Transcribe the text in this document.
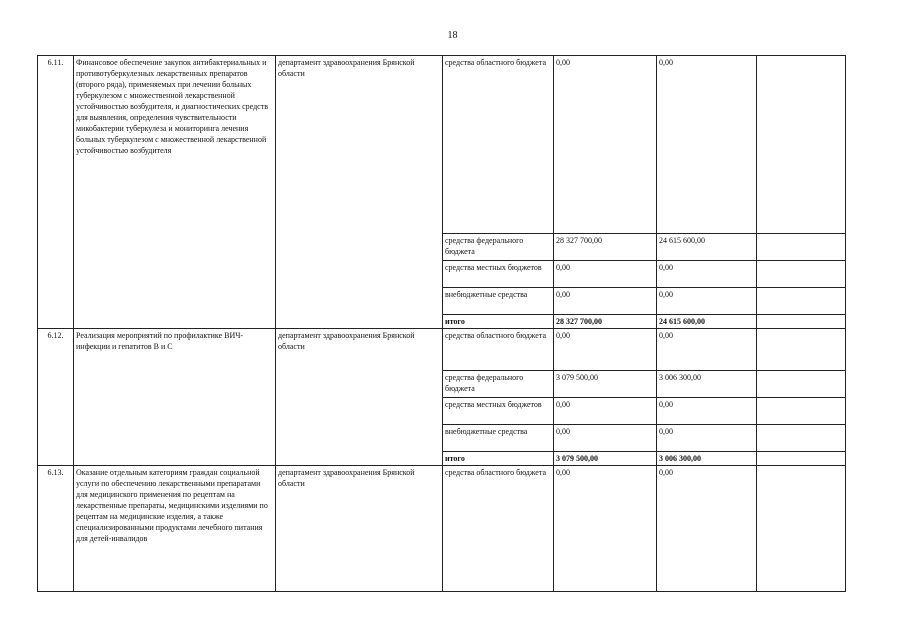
18
6.11.	Финансовое обеспечение закупок антибактериальных и противотуберкулезных лекарственных препаратов (второго ряда), применяемых при лечении больных туберкулезом с множественной лекарственной устойчивостью возбудителя, и диагностических средств для выявления, определения чувствительности микобактерии туберкулеза и мониторинга лечения больных туберкулезом с множественной лекарственной устойчивостью возбудителя	департамент здравоохранения Брянской области	средства областного бюджета	0,00	0,00	
			средства федерального бюджета	28 327 700,00	24 615 600,00	
			средства местных бюджетов	0,00	0,00	
			внебюджетные средства	0,00	0,00	
			итого	28 327 700,00	24 615 600,00	
6.12.	Реализация мероприятий по профилактике ВИЧ-инфекции и гепатитов В и С	департамент здравоохранения Брянской области	средства областного бюджета	0,00	0,00	
			средства федерального бюджета	3 079 500,00	3 006 300,00	
			средства местных бюджетов	0,00	0,00	
			внебюджетные средства	0,00	0,00	
			итого	3 079 500,00	3 006 300,00	
6.13.	Оказание отдельным категориям граждан социальной услуги по обеспечению лекарственными препаратами для медицинского применения по рецептам на лекарственные препараты, медицинскими изделиями по рецептам на медицинские изделия, а также специализированными продуктами лечебного питания для детей-инвалидов	департамент здравоохранения Брянской области	средства областного бюджета	0,00	0,00	
